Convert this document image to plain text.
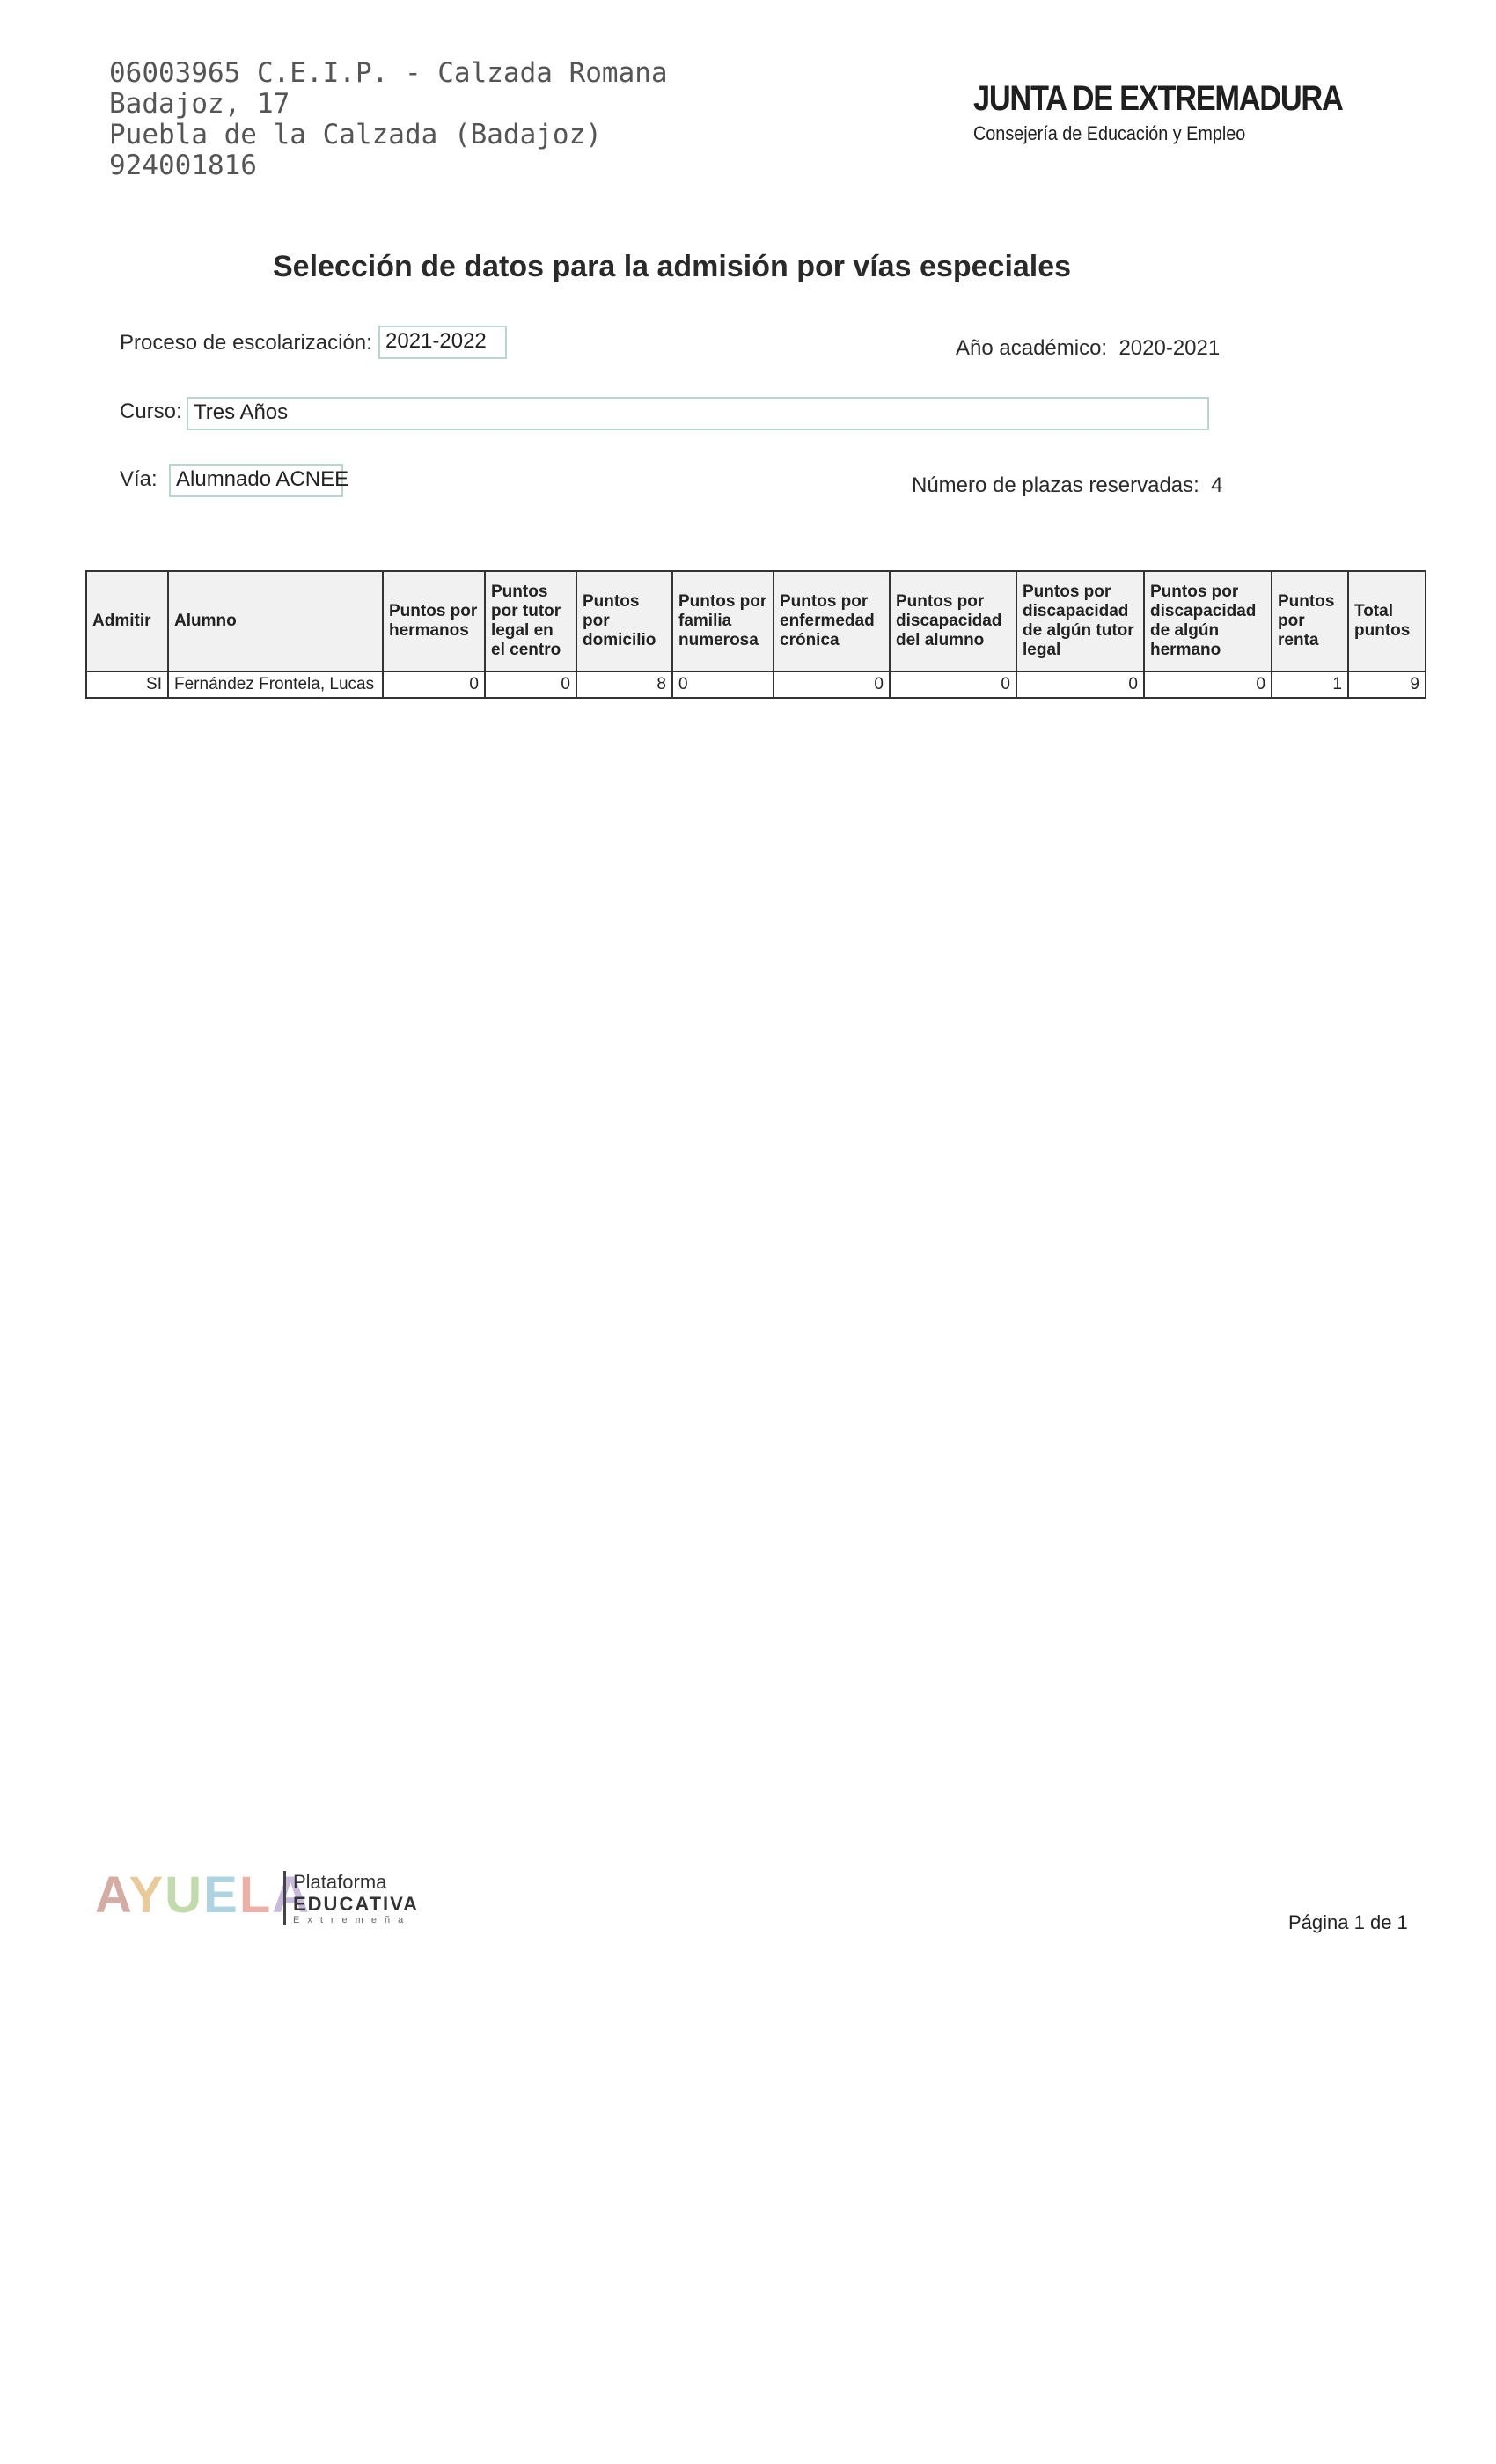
06003965 C.E.I.P. - Calzada Romana
Badajoz, 17
Puebla de la Calzada (Badajoz)
924001816
JUNTA DE EXTREMADURA
Consejería de Educación y Empleo
Selección de datos para la admisión por vías especiales
Proceso de escolarización: 2021-2022	Año académico: 2020-2021
Curso: Tres Años
Vía: Alumnado ACNEE	Número de plazas reservadas: 4
Admitir	Alumno	Puntos por hermanos	Puntos por tutor legal en el centro	Puntos por domicilio	Puntos por familia numerosa	Puntos por enfermedad crónica	Puntos por discapacidad del alumno	Puntos por discapacidad de algún tutor legal	Puntos por discapacidad de algún hermano	Puntos por renta	Total puntos
SI	Fernández Frontela, Lucas	0	0	8	0	0	0	0	0	1	9
AYUELA
Plataforma
EDUCATIVA
Extremeña	Página 1 de 1
